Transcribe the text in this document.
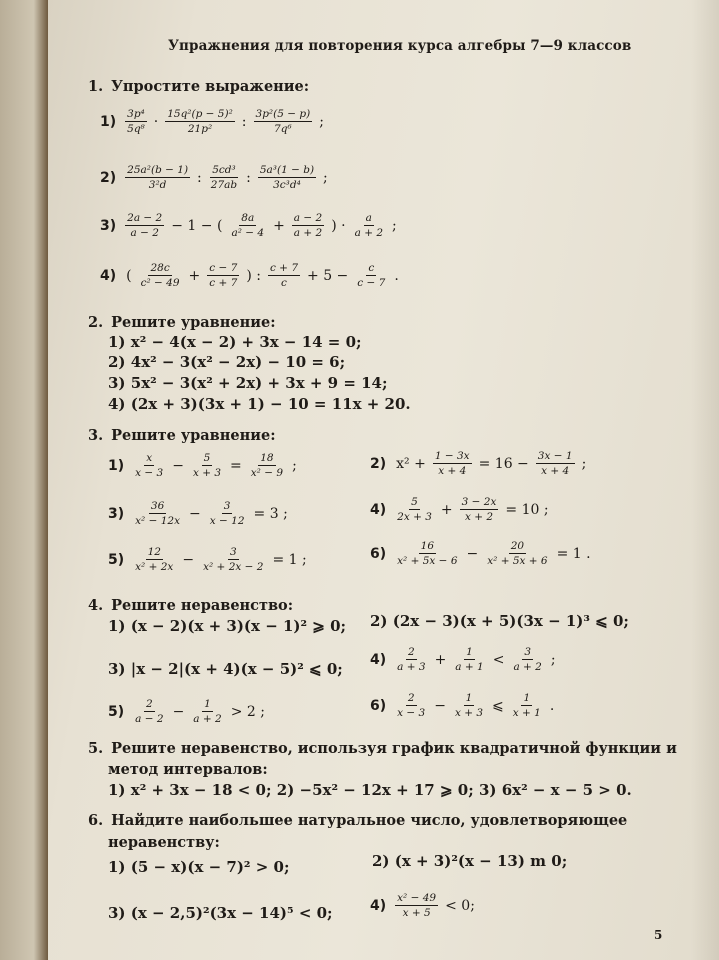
Упражнения для повторения курса алгебры 7—9 классов
1. Упростите выражение:
$1) \frac{\text{3p⁴}}{\text{5q⁸}} \cdot \frac{\text{15q²(p − 5)²}}{\text{21p²}}$ : $\frac{\text{3p²(5 − p)}}{\text{7q⁶}}$ ;
$2) \frac{\text{25a²(b − 1)}}{\text{3²d}}$ : $\frac{\text{5cd³}}{27ab}$ : $\frac{\text{5a³(1 − b)}}{\text{3c³d⁴}}$ ;
$3) \frac{2a - 2}{a - 2} - 1$ − ( $\frac{8a}{\text{a² − 4}} + \frac{a - 2}{a + 2}$ ) · $\frac{a}{a + 2}$ ;
4) ( $\frac{28c}{\text{c² − 49}} + \frac{c - 7}{c + 7}$ ) : $\frac{c + 7}{c} + 5 - \frac{c}{c - 7}$ .
2. Решите уравнение:
1) x² − 4(x − 2) + 3x − 14 = 0;
2) 4x² − 3(x² − 2x) − 10 = 6;
3) 5x² − 3(x² + 2x) + 3x + 9 = 14;
4) (2x + 3)(3x + 1) − 10 = 11x + 20.
3. Решите уравнение:
$1) \frac{x}{x - 3} - \frac{5}{x + 3} = \frac{18}{\text{x² − 9}}$ ;	2) $x^2 + \frac{1 - 3x}{x + 4} = 16 - \frac{3x - 1}{x + 4}$ ;
$3) \frac{36}{\text{x² − 12x}} - \frac{3}{x - 12} = 3$ ;	$4) \frac{5}{2x + 3} + \frac{3 - 2x}{x + 2} = 10$ ;
$5) \frac{12}{\text{x² + 2x}} - \frac{3}{\text{x² + 2x − 2}} = 1$ ;	$6) \frac{16}{\text{x² + 5x − 6}} - \frac{20}{\text{x² + 5x + 6}} = 1$ .
4. Решите неравенство:
1) (x − 2)(x + 3)(x − 1)² ⩾ 0; 2) (2x − 3)(x + 5)(3x − 1)³ ⩽ 0;
3) |x − 2|(x + 4)(x − 5)² ⩽ 0;
$4) \frac{2}{a + 3} + \frac{1}{a + 1} < \frac{3}{a + 2}$ ;
$5) \frac{2}{a - 2} - \frac{1}{a + 2} > 2$ ;	$6) \frac{2}{x - 3} - \frac{1}{x + 3}$ ⩽ $\frac{1}{x + 1}$ .
5. Решите неравенство, используя график квадратичной функции и
метод интервалов:
1) x² + 3x − 18 < 0; 2) −5x² − 12x + 17 ⩾ 0; 3) 6x² − x − 5 > 0.
6. Найдите наибольшее натуральное число, удовлетворяющее
неравенству:
1) (5 − x)(x − 7)² > 0;	2) (x + 3)²(x − 13) m 0;
3) (x − 2,5)²(3x − 14)⁵ < 0;	$4) \frac{\text{x² − 49}}{x + 5} < 0$;
5
